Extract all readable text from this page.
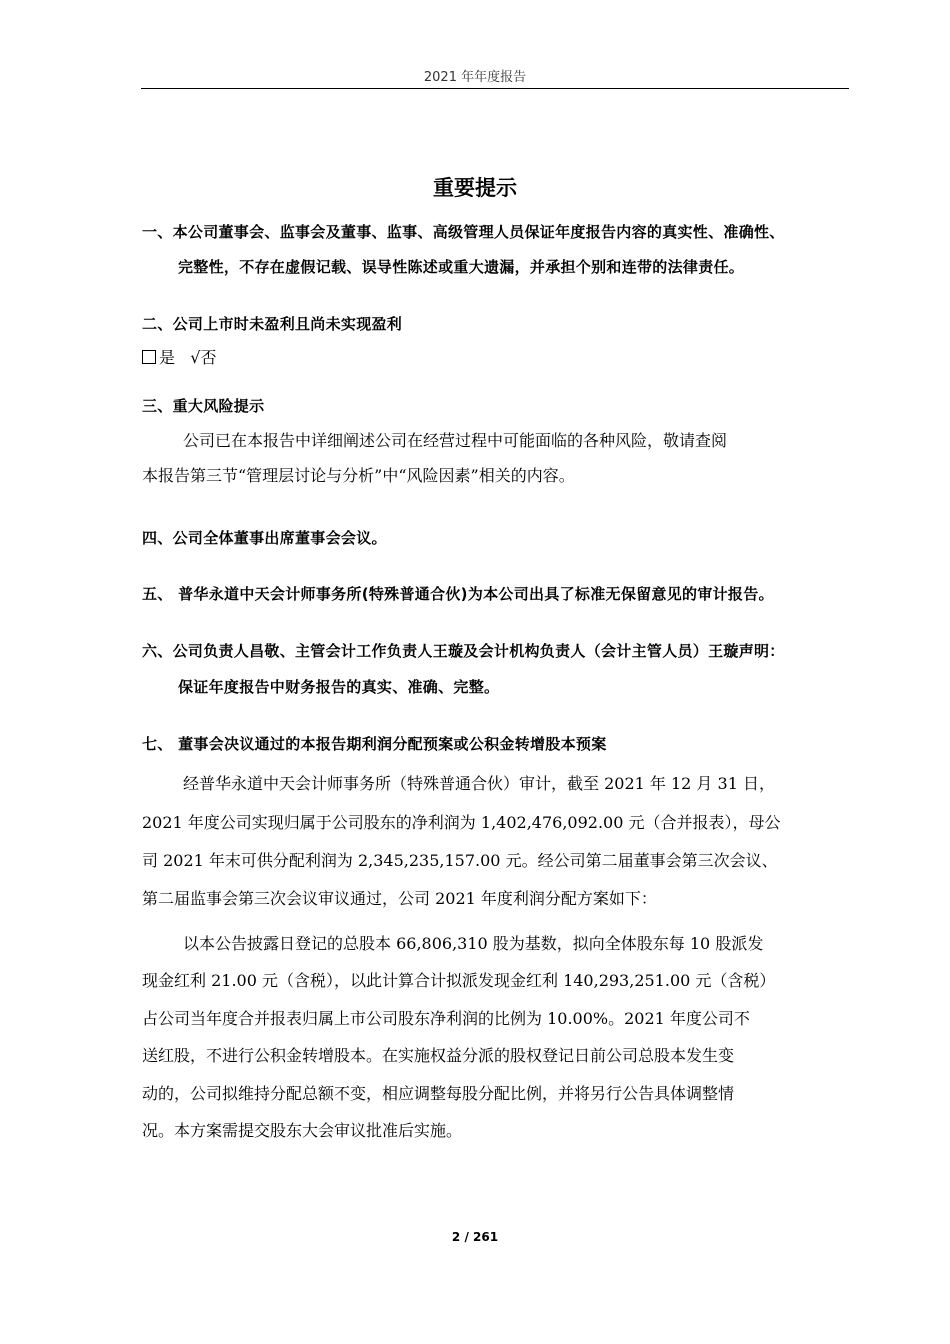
2021 年年度报告
重要提示
一、本公司董事会、监事会及董事、监事、高级管理人员保证年度报告内容的真实性、准确性、
完整性，不存在虚假记载、误导性陈述或重大遗漏，并承担个别和连带的法律责任。
二、公司上市时未盈利且尚未实现盈利
是 √否
三、重大风险提示
公司已在本报告中详细阐述公司在经营过程中可能面临的各种风险，敬请查阅
本报告第三节“管理层讨论与分析”中“风险因素”相关的内容。
四、公司全体董事出席董事会会议。
五、 普华永道中天会计师事务所(特殊普通合伙)为本公司出具了标准无保留意见的审计报告。
六、公司负责人昌敬、主管会计工作负责人王璇及会计机构负责人（会计主管人员）王璇声明：
保证年度报告中财务报告的真实、准确、完整。
七、 董事会决议通过的本报告期利润分配预案或公积金转增股本预案
经普华永道中天会计师事务所（特殊普通合伙）审计，截至 2021 年 12 月 31 日，
2021 年度公司实现归属于公司股东的净利润为 1,402,476,092.00 元（合并报表），母公
司 2021 年末可供分配利润为 2,345,235,157.00 元。经公司第二届董事会第三次会议、
第二届监事会第三次会议审议通过，公司 2021 年度利润分配方案如下：
以本公告披露日登记的总股本 66,806,310 股为基数，拟向全体股东每 10 股派发
现金红利 21.00 元（含税），以此计算合计拟派发现金红利 140,293,251.00 元（含税）
占公司当年度合并报表归属上市公司股东净利润的比例为 10.00%。2021 年度公司不
送红股，不进行公积金转增股本。在实施权益分派的股权登记日前公司总股本发生变
动的，公司拟维持分配总额不变，相应调整每股分配比例，并将另行公告具体调整情
况。本方案需提交股东大会审议批准后实施。
2 / 261
